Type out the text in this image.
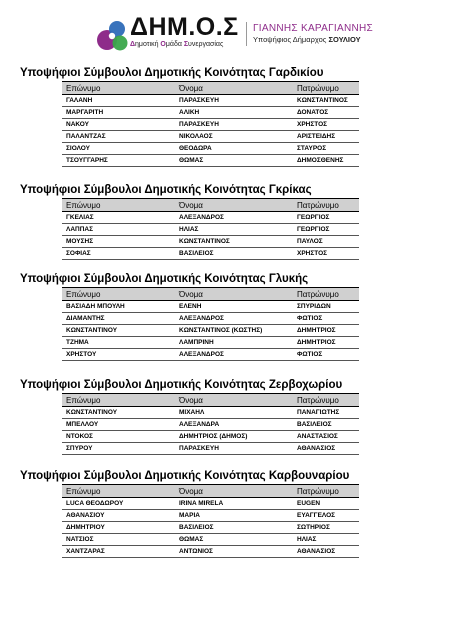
ΔΗΜ.Ο.Σ
Δημοτική Ομάδα Συνεργασίας
ΓΙΑΝΝΗΣ ΚΑΡΑΓΙΑΝΝΗΣ
Υποψήφιος Δήμαρχος ΣΟΥΛΙΟΥ
Υποψήφιοι Σύμβουλοι Δημοτικής Κοινότητας Γαρδικίου
Επώνυμο	Όνομα	Πατρώνυμο
ΓΑΛΑΝΗ	ΠΑΡΑΣΚΕΥΗ	ΚΩΝΣΤΑΝΤΙΝΟΣ
ΜΑΡΓΑΡΙΤΗ	ΑΛΙΚΗ	ΔΟΝΑΤΟΣ
ΝΑΚΟΥ	ΠΑΡΑΣΚΕΥΗ	ΧΡΗΣΤΟΣ
ΠΑΛΑΝΤΖΑΣ	ΝΙΚΟΛΑΟΣ	ΑΡΙΣΤΕΙΔΗΣ
ΣΙΟΛΟΥ	ΘΕΟΔΩΡΑ	ΣΤΑΥΡΟΣ
ΤΣΟΥΓΓΑΡΗΣ	ΘΩΜΑΣ	ΔΗΜΟΣΘΕΝΗΣ
Υποψήφιοι Σύμβουλοι Δημοτικής Κοινότητας Γκρίκας
Επώνυμο	Όνομα	Πατρώνυμο
ΓΚΕΛΙΑΣ	ΑΛΕΞΑΝΔΡΟΣ	ΓΕΩΡΓΙΟΣ
ΛΑΠΠΑΣ	ΗΛΙΑΣ	ΓΕΩΡΓΙΟΣ
ΜΟΥΣΗΣ	ΚΩΝΣΤΑΝΤΙΝΟΣ	ΠΑΥΛΟΣ
ΣΟΦΙΑΣ	ΒΑΣΙΛΕΙΟΣ	ΧΡΗΣΤΟΣ
Υποψήφιοι Σύμβουλοι Δημοτικής Κοινότητας Γλυκής
Επώνυμο	Όνομα	Πατρώνυμο
ΒΑΣΙΑΔΗ ΜΠΟΥΛΗ	ΕΛΕΝΗ	ΣΠΥΡΙΔΩΝ
ΔΙΑΜΑΝΤΗΣ	ΑΛΕΞΑΝΔΡΟΣ	ΦΩΤΙΟΣ
ΚΩΝΣΤΑΝΤΙΝΟΥ	ΚΩΝΣΤΑΝΤΙΝΟΣ (ΚΩΣΤΗΣ)	ΔΗΜΗΤΡΙΟΣ
ΤΖΗΜΑ	ΛΑΜΠΡΙΝΗ	ΔΗΜΗΤΡΙΟΣ
ΧΡΗΣΤΟΥ	ΑΛΕΞΑΝΔΡΟΣ	ΦΩΤΙΟΣ
Υποψήφιοι Σύμβουλοι Δημοτικής Κοινότητας Ζερβοχωρίου
Επώνυμο	Όνομα	Πατρώνυμο
ΚΩΝΣΤΑΝΤΙΝΟΥ	ΜΙΧΑΗΛ	ΠΑΝΑΓΙΩΤΗΣ
ΜΠΕΛΛΟΥ	ΑΛΕΞΑΝΔΡΑ	ΒΑΣΙΛΕΙΟΣ
ΝΤΟΚΟΣ	ΔΗΜΗΤΡΙΟΣ (ΔΗΜΟΣ)	ΑΝΑΣΤΑΣΙΟΣ
ΣΠΥΡΟΥ	ΠΑΡΑΣΚΕΥΗ	ΑΘΑΝΑΣΙΟΣ
Υποψήφιοι Σύμβουλοι Δημοτικής Κοινότητας Καρβουναρίου
Επώνυμο	Όνομα	Πατρώνυμο
LUCA ΘΕΟΔΩΡΟΥ	IRINA MIRELA	EUGEN
ΑΘΑΝΑΣΙΟΥ	ΜΑΡΙΑ	ΕΥΑΓΓΕΛΟΣ
ΔΗΜΗΤΡΙΟΥ	ΒΑΣΙΛΕΙΟΣ	ΣΩΤΗΡΙΟΣ
ΝΑΤΣΙΟΣ	ΘΩΜΑΣ	ΗΛΙΑΣ
ΧΑΝΤΖΑΡΑΣ	ΑΝΤΩΝΙΟΣ	ΑΘΑΝΑΣΙΟΣ
